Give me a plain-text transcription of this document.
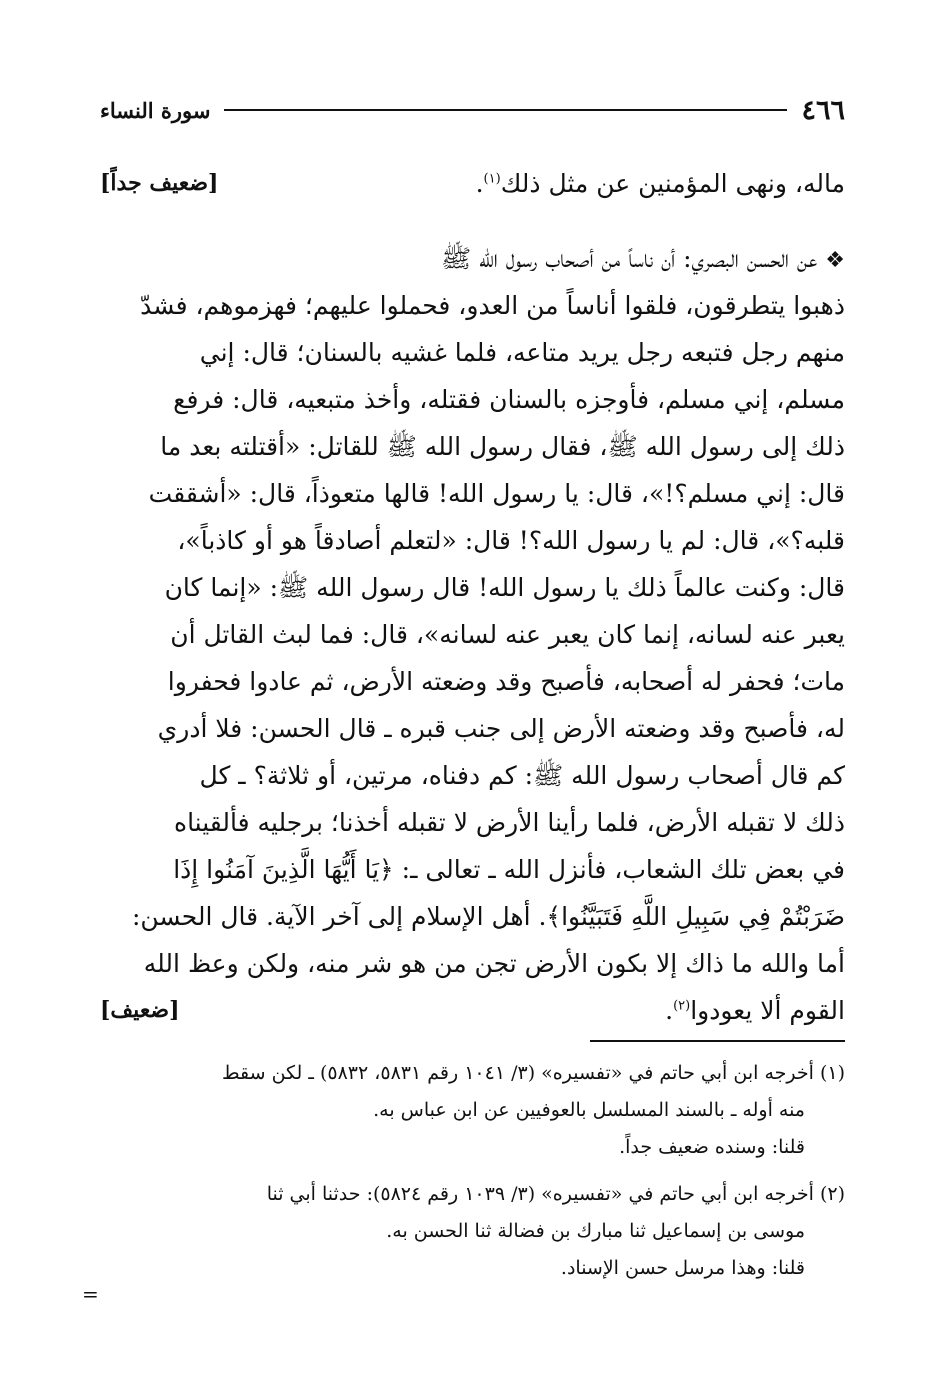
٤٦٦
سورة النساء
ماله، ونهى المؤمنين عن مثل ذلك$^{(١)}$.
[ضعيف جداً]
❖ عن الحسن البصري: أن ناساً من أصحاب رسول الله ﷺ
ذهبوا يتطرقون، فلقوا أناساً من العدو، فحملوا عليهم؛ فهزموهم، فشدّ
منهم رجل فتبعه رجل يريد متاعه، فلما غشيه بالسنان؛ قال: إني
مسلم، إني مسلم، فأوجزه بالسنان فقتله، وأخذ متبعيه، قال: فرفع
ذلك إلى رسول الله ﷺ، فقال رسول الله ﷺ للقاتل: «أقتلته بعد ما
قال: إني مسلم؟!»، قال: يا رسول الله! قالها متعوذاً، قال: «أشققت
قلبه؟»، قال: لم يا رسول الله؟! قال: «لتعلم أصادقاً هو أو كاذباً»،
قال: وكنت عالماً ذلك يا رسول الله! قال رسول الله ﷺ: «إنما كان
يعبر عنه لسانه، إنما كان يعبر عنه لسانه»، قال: فما لبث القاتل أن
مات؛ فحفر له أصحابه، فأصبح وقد وضعته الأرض، ثم عادوا فحفروا
له، فأصبح وقد وضعته الأرض إلى جنب قبره ـ قال الحسن: فلا أدري
كم قال أصحاب رسول الله ﷺ: كم دفناه، مرتين، أو ثلاثة؟ ـ كل
ذلك لا تقبله الأرض، فلما رأينا الأرض لا تقبله أخذنا؛ برجليه فألقيناه
في بعض تلك الشعاب، فأنزل الله ـ تعالى ـ: ﴿يَا أَيُّهَا الَّذِينَ آمَنُوا إِذَا
ضَرَبْتُمْ فِي سَبِيلِ اللَّهِ فَتَبَيَّنُوا﴾. أهل الإسلام إلى آخر الآية. قال الحسن:
أما والله ما ذاك إلا بكون الأرض تجن من هو شر منه، ولكن وعظ الله
القوم ألا يعودوا$^{(٢)}$.
[ضعيف]
(١) أخرجه ابن أبي حاتم في «تفسيره» (٣/ ١٠٤١ رقم ٥٨٣١، ٥٨٣٢) ـ لكن سقط
منه أوله ـ بالسند المسلسل بالعوفيين عن ابن عباس به.
قلنا: وسنده ضعيف جداً.
(٢) أخرجه ابن أبي حاتم في «تفسيره» (٣/ ١٠٣٩ رقم ٥٨٢٤): حدثنا أبي ثنا
موسى بن إسماعيل ثنا مبارك بن فضالة ثنا الحسن به.
قلنا: وهذا مرسل حسن الإسناد.
=
